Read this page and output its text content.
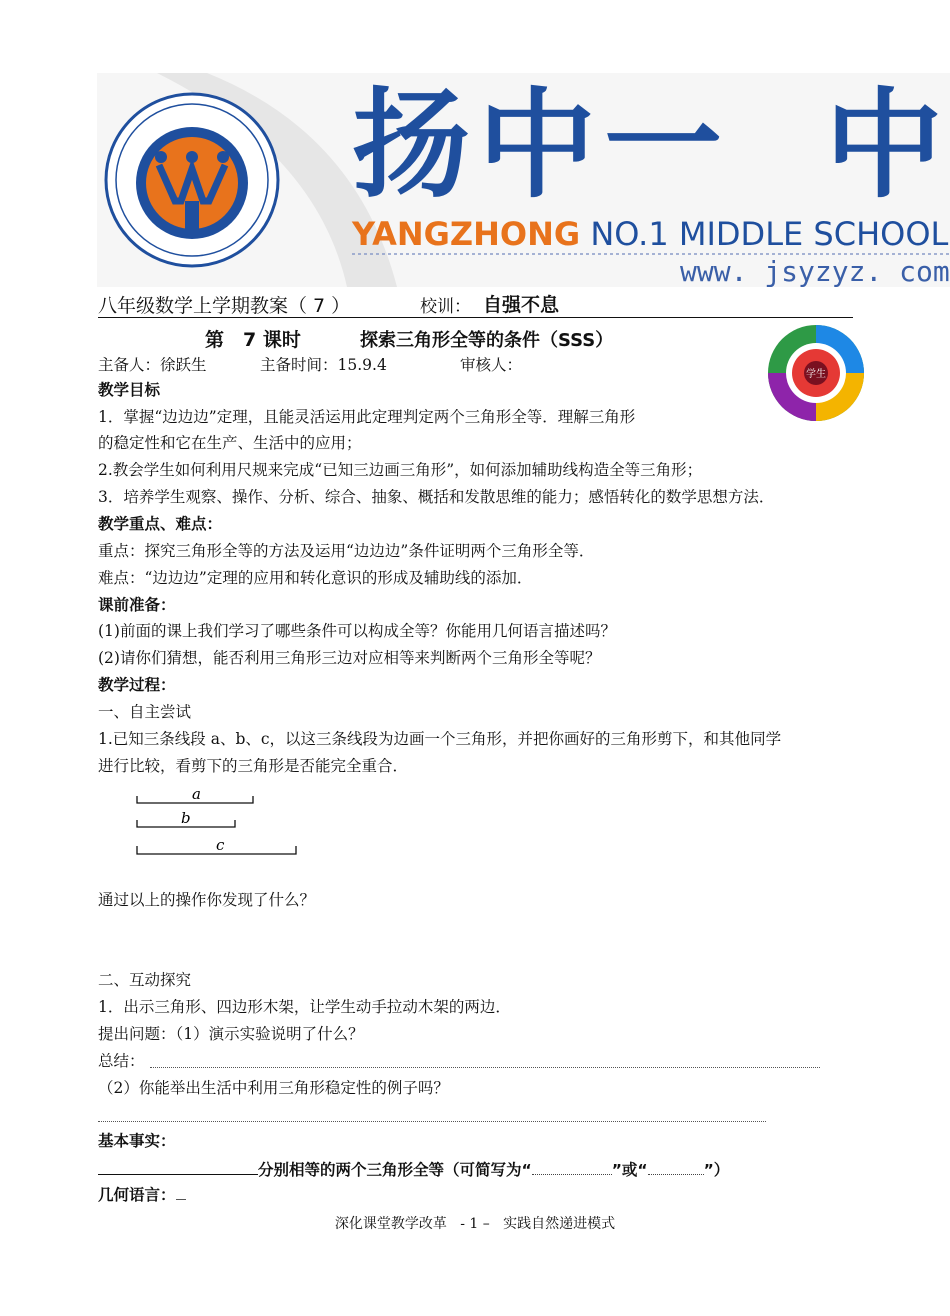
扬中一 中
YANGZHONG NO.1 MIDDLE SCHOOL
www. jsyzyz. com
八年级数学上学期教案（ 7 ）	校训： 自强不息
第　7 课时	探索三角形全等的条件（SSS）
学生
主备人：徐跃生	主备时间：15.9.4	审核人：
教学目标
1．掌握“边边边”定理，且能灵活运用此定理判定两个三角形全等．理解三角形
的稳定性和它在生产、生活中的应用；
2.教会学生如何利用尺规来完成“已知三边画三角形”，如何添加辅助线构造全等三角形；
3．培养学生观察、操作、分析、综合、抽象、概括和发散思维的能力；感悟转化的数学思想方法．
教学重点、难点：
重点：探究三角形全等的方法及运用“边边边”条件证明两个三角形全等．
难点：“边边边”定理的应用和转化意识的形成及辅助线的添加．
课前准备：
(1)前面的课上我们学习了哪些条件可以构成全等？你能用几何语言描述吗？
(2)请你们猜想，能否利用三角形三边对应相等来判断两个三角形全等呢？
教学过程：
一、自主尝试
1.已知三条线段 a、b、c，以这三条线段为边画一个三角形，并把你画好的三角形剪下，和其他同学
进行比较，看剪下的三角形是否能完全重合．
a
b
c
通过以上的操作你发现了什么？
二、互动探究
1．出示三角形、四边形木架，让学生动手拉动木架的两边．
提出问题：（1）演示实验说明了什么？
总结：
（2）你能举出生活中利用三角形稳定性的例子吗？
基本事实：
分别相等的两个三角形全等（可简写为“	”或“	”）
几何语言：
深化课堂教学改革 - 1 – 实践自然递进模式
